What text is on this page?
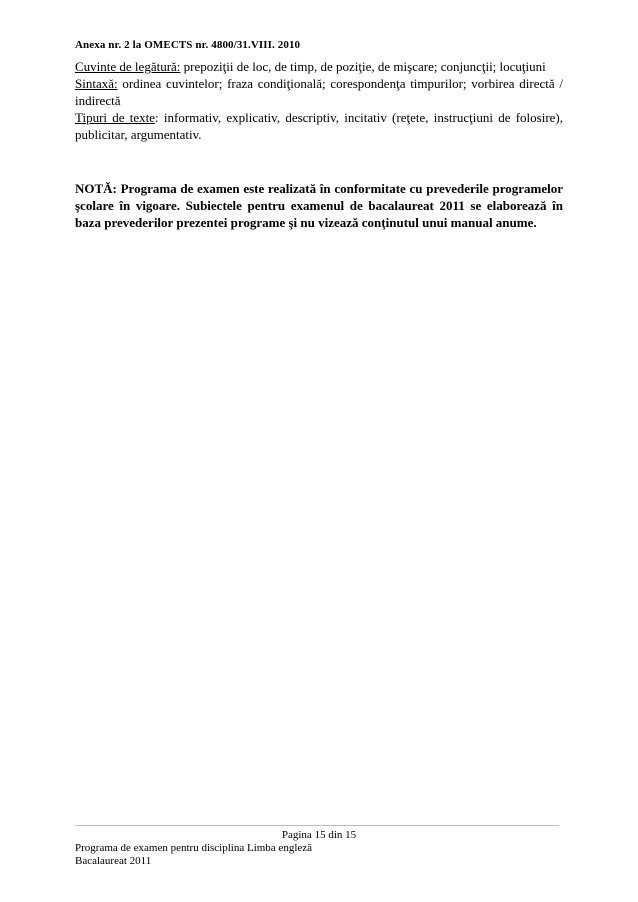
Anexa nr. 2 la OMECTS nr. 4800/31.VIII. 2010

Cuvinte de legătură: prepoziţii de loc, de timp, de poziţie, de mişcare; conjuncţii; locuţiuni

Sintaxă: ordinea cuvintelor; fraza condiţională; corespondenţa timpurilor; vorbirea directă / indirectă

Tipuri de texte: informativ, explicativ, descriptiv, incitativ (reţete, instrucţiuni de folosire), publicitar, argumentativ.

NOTĂ: Programa de examen este realizată în conformitate cu prevederile programelor şcolare în vigoare. Subiectele pentru examenul de bacalaureat 2011 se elaborează în baza prevederilor prezentei programe şi nu vizează conţinutul unui manual anume.

Pagina 15 din 15
Programa de examen pentru disciplina Limba engleză
Bacalaureat 2011
